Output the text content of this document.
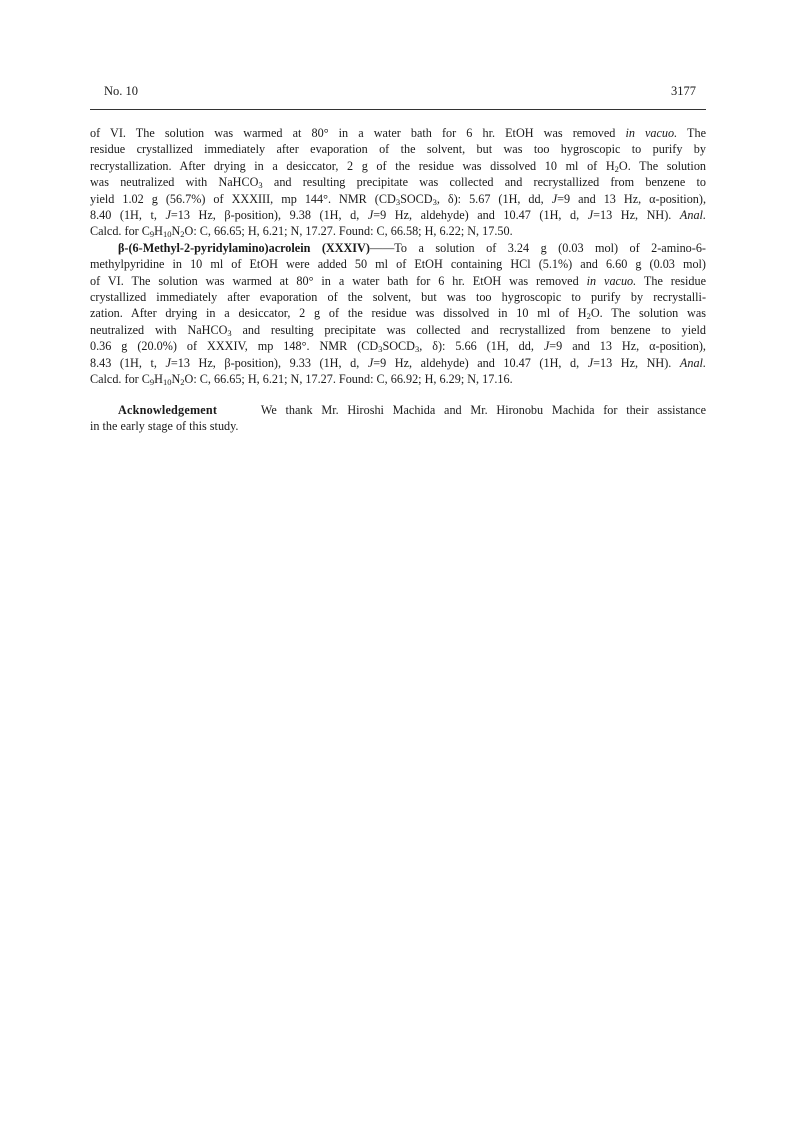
No. 10	3177
of VI. The solution was warmed at 80° in a water bath for 6 hr. EtOH was removed in vacuo. The
residue crystallized immediately after evaporation of the solvent, but was too hygroscopic to purify by
recrystallization. After drying in a desiccator, 2 g of the residue was dissolved 10 ml of $H_2O$. The solution
was neutralized with NaHCO$_3$ and resulting precipitate was collected and recrystallized from benzene to
yield 1.02 g (56.7%) of XXXIII, mp 144°. NMR ($CD_3SOCD_3$, δ): 5.67 (1H, dd, J=9 and 13 Hz, α-position),
8.40 (1H, t, J=13 Hz, β-position), 9.38 (1H, d, J=9 Hz, aldehyde) and 10.47 (1H, d, J=13 Hz, NH). Anal.
Calcd. for $C_9H_{10}N_2O$: C, 66.65; H, 6.21; N, 17.27. Found: C, 66.58; H, 6.22; N, 17.50.
β-(6-Methyl-2-pyridylamino)acrolein (XXXIV)——To a solution of 3.24 g (0.03 mol) of 2-amino-6-
methylpyridine in 10 ml of EtOH were added 50 ml of EtOH containing HCl (5.1%) and 6.60 g (0.03 mol)
of VI. The solution was warmed at 80° in a water bath for 6 hr. EtOH was removed in vacuo. The residue
crystallized immediately after evaporation of the solvent, but was too hygroscopic to purify by recrystalli-
zation. After drying in a desiccator, 2 g of the residue was dissolved in 10 ml of $H_2O$. The solution was
neutralized with NaHCO$_3$ and resulting precipitate was collected and recrystallized from benzene to yield
0.36 g (20.0%) of XXXIV, mp 148°. NMR ($CD_3SOCD_3$, δ): 5.66 (1H, dd, J=9 and 13 Hz, α-position),
8.43 (1H, t, J=13 Hz, β-position), 9.33 (1H, d, J=9 Hz, aldehyde) and 10.47 (1H, d, J=13 Hz, NH). Anal.
Calcd. for $C_9H_{10}N_2O$: C, 66.65; H, 6.21; N, 17.27. Found: C, 66.92; H, 6.29; N, 17.16.
Acknowledgement	We thank Mr. Hiroshi Machida and Mr. Hironobu Machida for their assistance
in the early stage of this study.
